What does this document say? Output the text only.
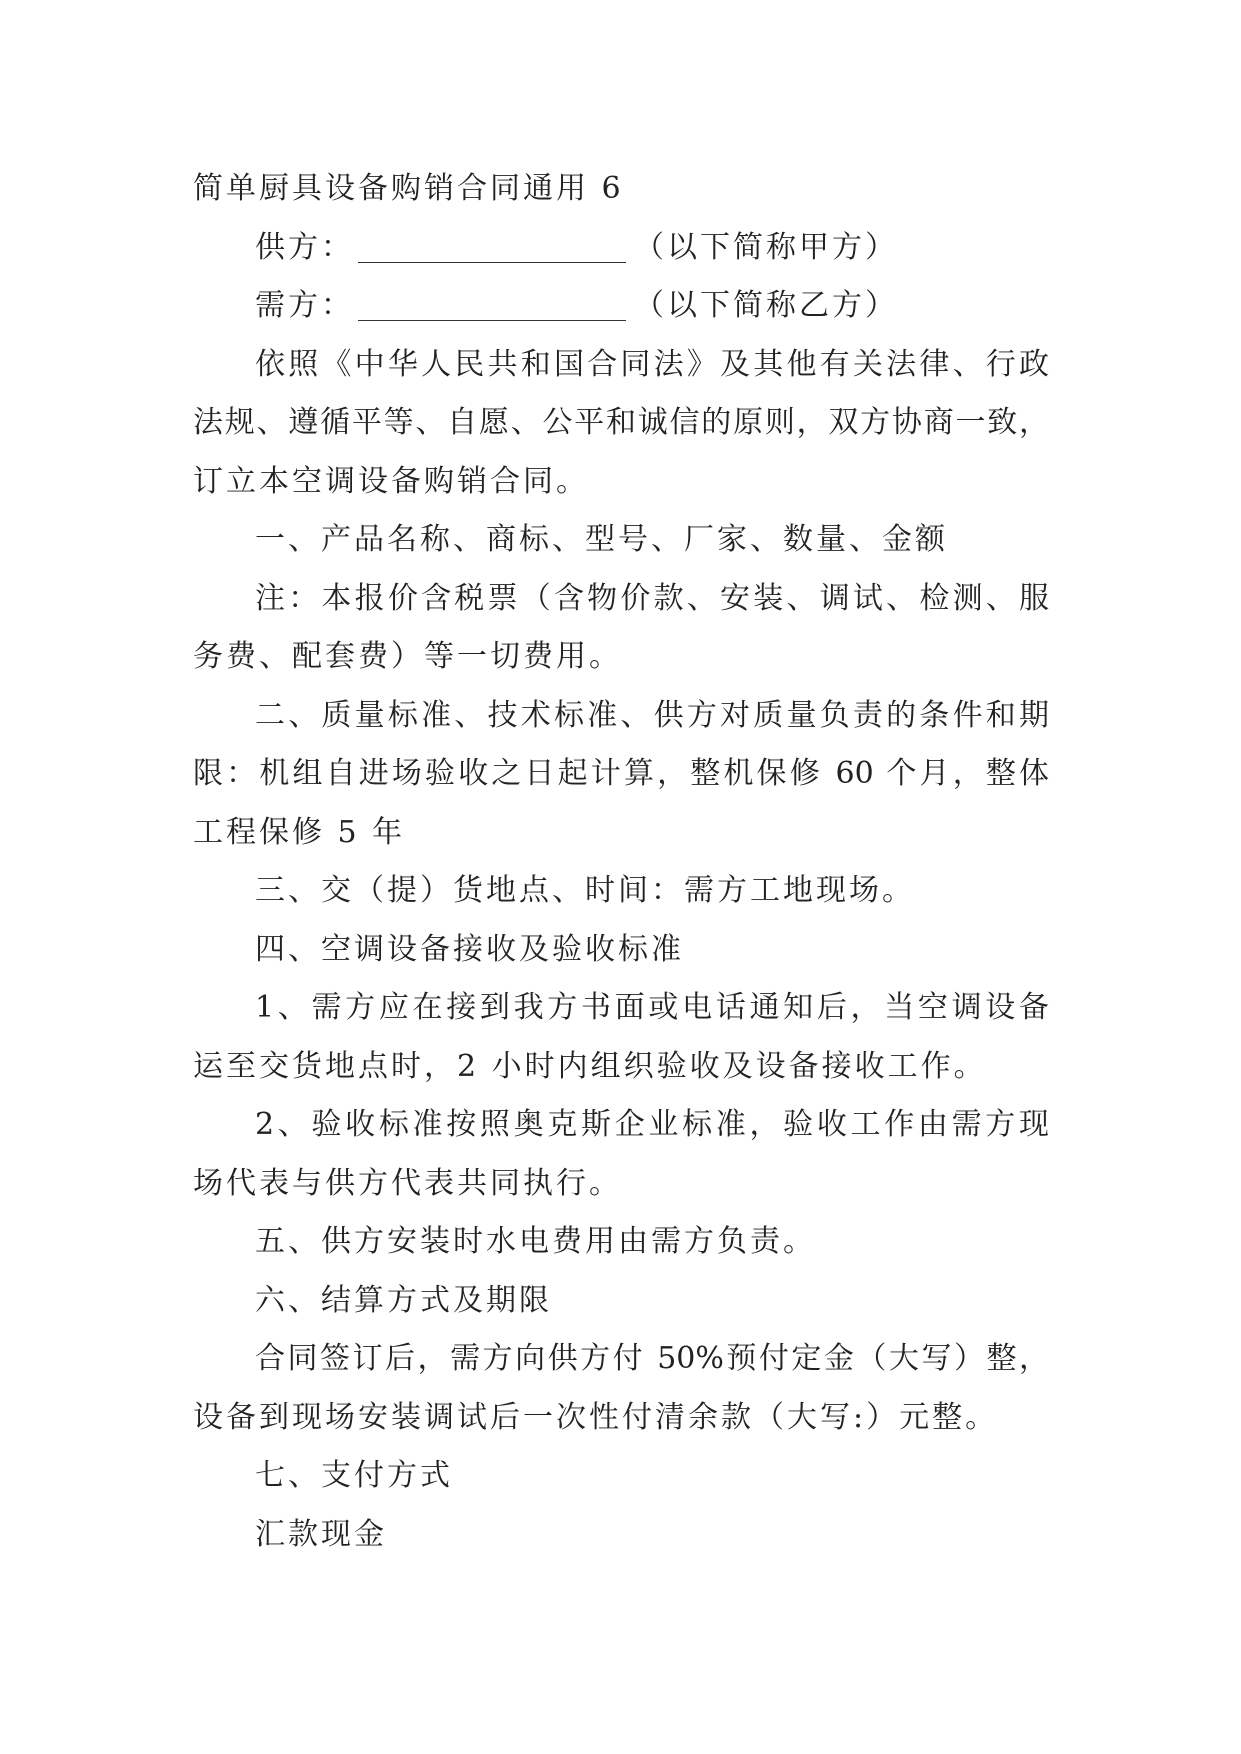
简单厨具设备购销合同通用 6
供方：	（以下简称甲方）
需方：	（以下简称乙方）
依照《中华人民共和国合同法》及其他有关法律、行政
法规、遵循平等、自愿、公平和诚信的原则，双方协商一致，
订立本空调设备购销合同。
一、产品名称、商标、型号、厂家、数量、金额
注：本报价含税票（含物价款、安装、调试、检测、服
务费、配套费）等一切费用。
二、质量标准、技术标准、供方对质量负责的条件和期
限：机组自进场验收之日起计算，整机保修 60 个月，整体
工程保修 5 年
三、交（提）货地点、时间：需方工地现场。
四、空调设备接收及验收标准
1、需方应在接到我方书面或电话通知后，当空调设备
运至交货地点时，2 小时内组织验收及设备接收工作。
2、验收标准按照奥克斯企业标准，验收工作由需方现
场代表与供方代表共同执行。
五、供方安装时水电费用由需方负责。
六、结算方式及期限
合同签订后，需方向供方付 50%预付定金（大写）整，
设备到现场安装调试后一次性付清余款（大写:）元整。
七、支付方式
汇款现金
